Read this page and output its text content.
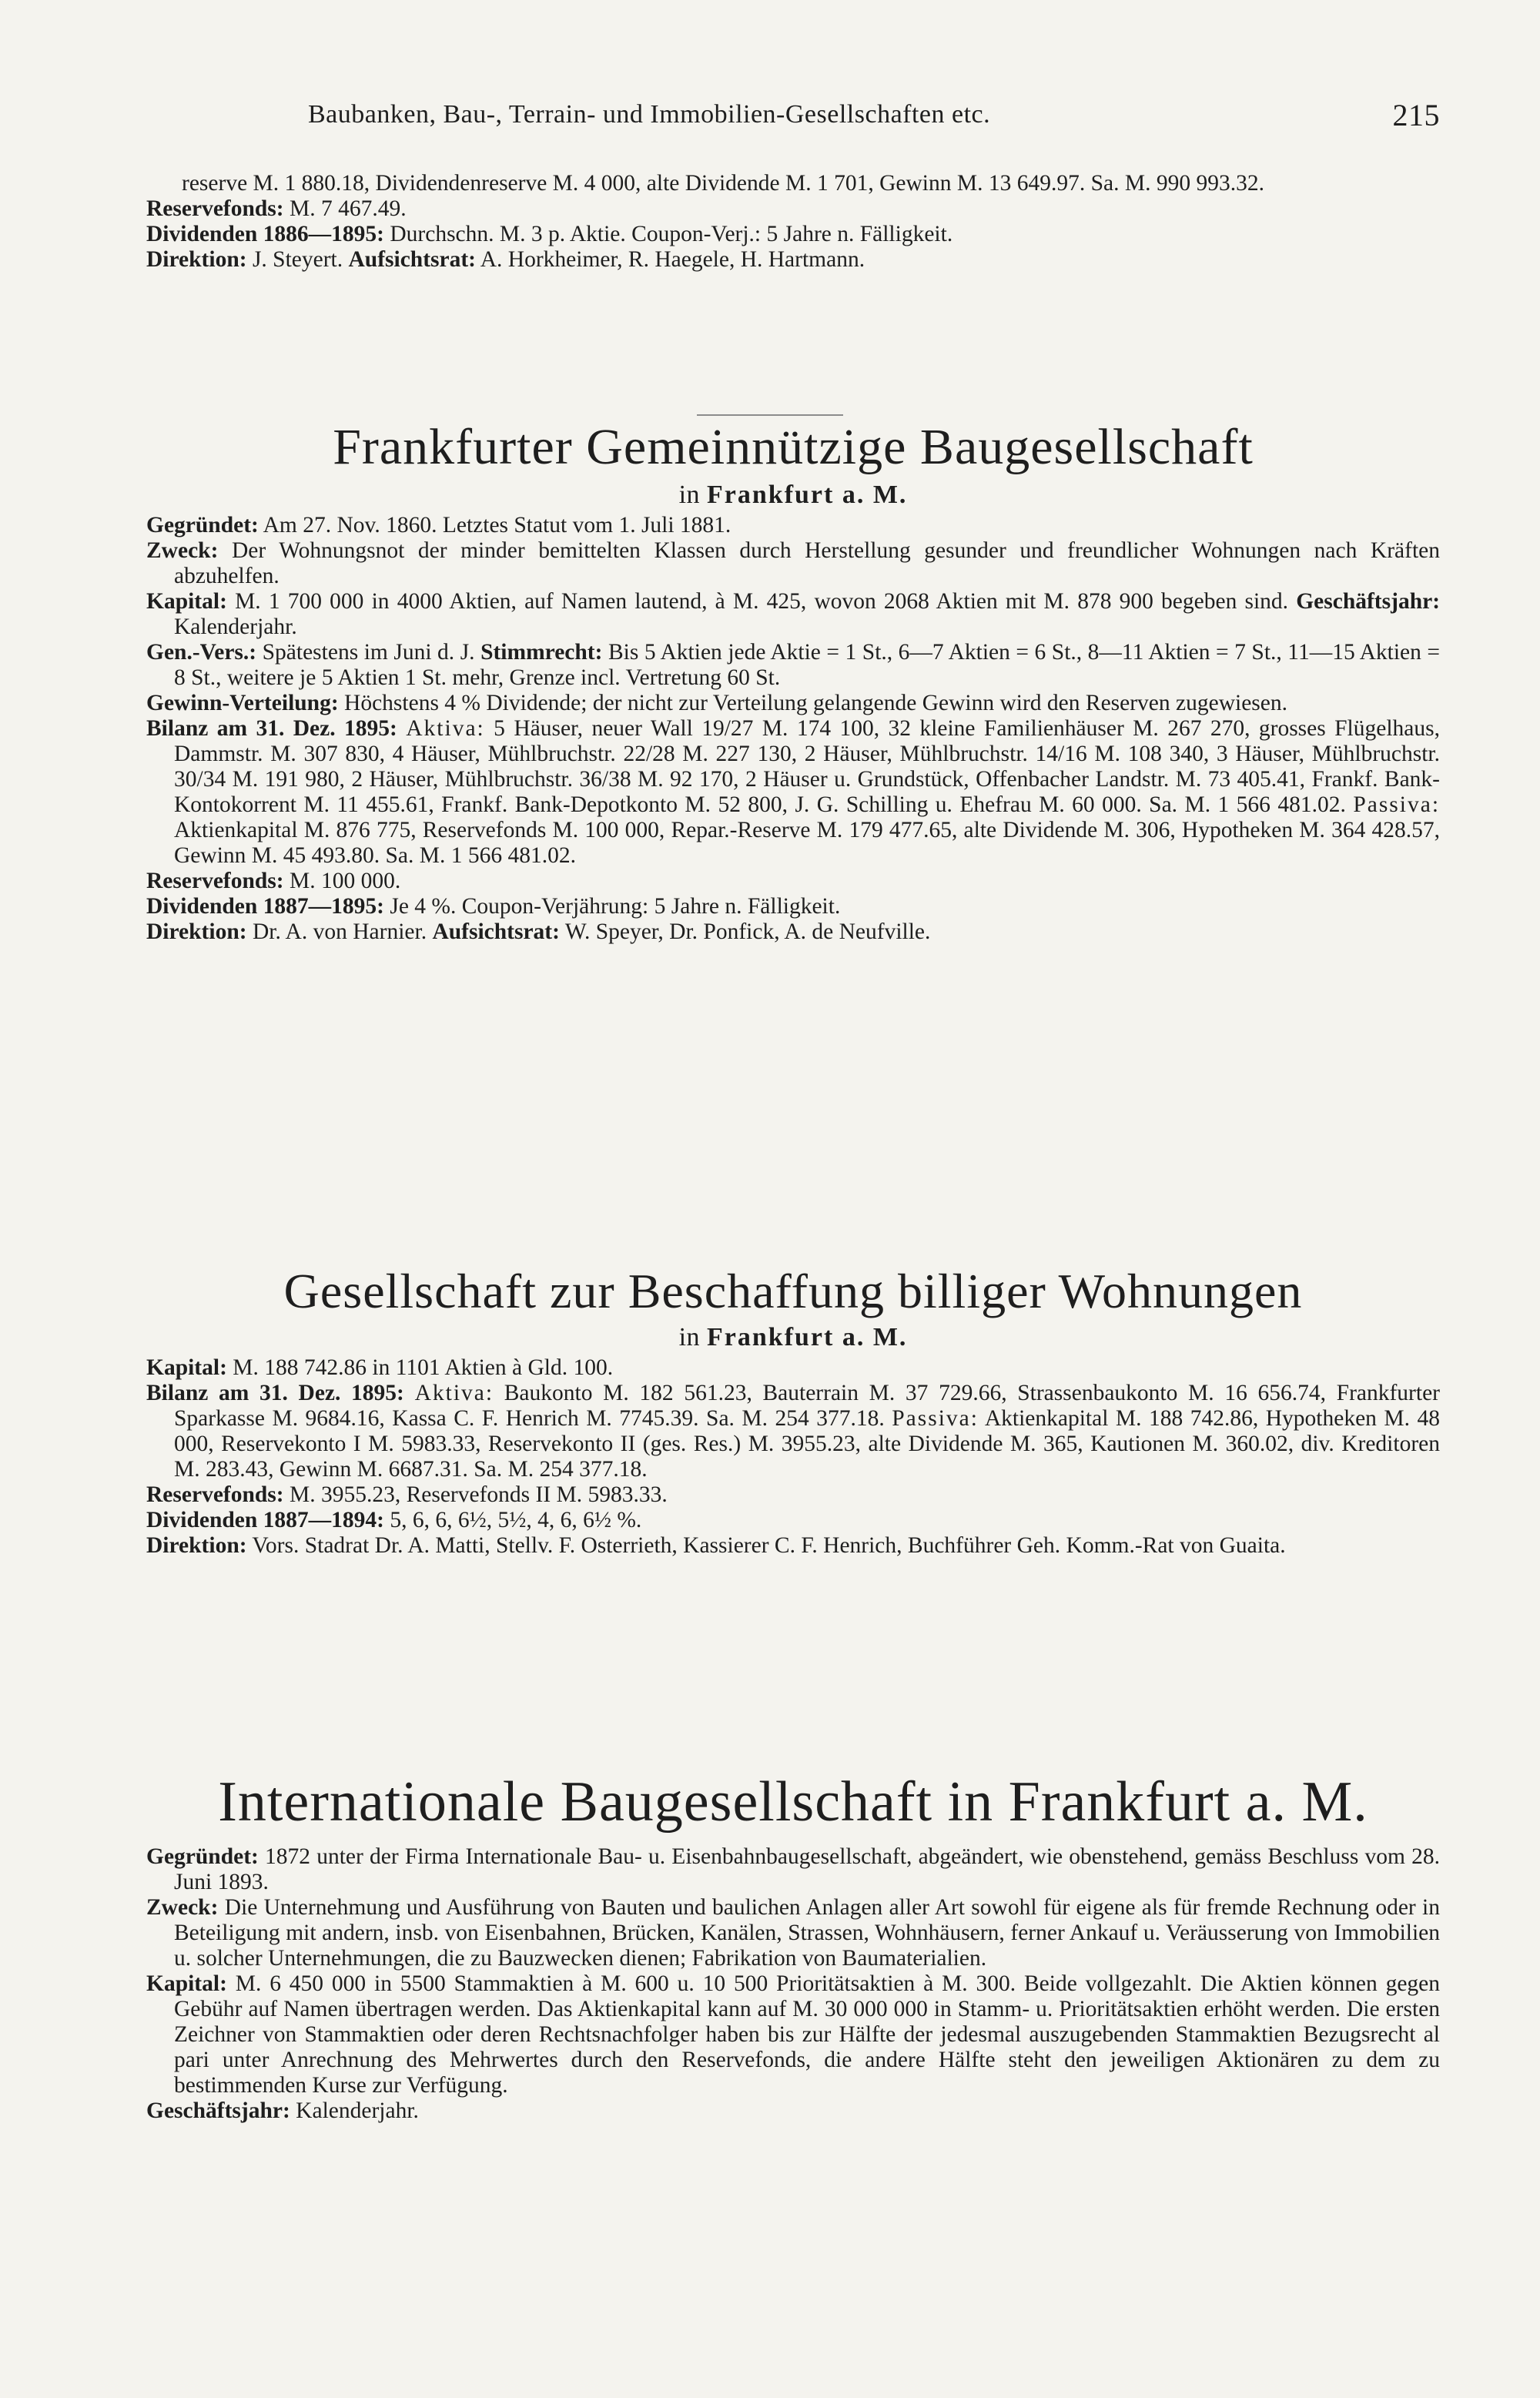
Baubanken, Bau-, Terrain- und Immobilien-Gesellschaften etc.	215

reserve M. 1 880.18, Dividendenreserve M. 4 000, alte Dividende M. 1 701, Gewinn M. 13 649.97. Sa. M. 990 993.32.

Reservefonds: M. 7 467.49.

Dividenden 1886—1895: Durchschn. M. 3 p. Aktie. Coupon-Verj.: 5 Jahre n. Fälligkeit.

Direktion: J. Steyert. Aufsichtsrat: A. Horkheimer, R. Haegele, H. Hartmann.

Frankfurter Gemeinnützige Baugesellschaft
in Frankfurt a. M.

Gegründet: Am 27. Nov. 1860. Letztes Statut vom 1. Juli 1881.

Zweck: Der Wohnungsnot der minder bemittelten Klassen durch Herstellung gesunder und freundlicher Wohnungen nach Kräften abzuhelfen.

Kapital: M. 1 700 000 in 4000 Aktien, auf Namen lautend, à M. 425, wovon 2068 Aktien mit M. 878 900 begeben sind. Geschäftsjahr: Kalenderjahr.

Gen.-Vers.: Spätestens im Juni d. J. Stimmrecht: Bis 5 Aktien jede Aktie = 1 St., 6—7 Aktien = 6 St., 8—11 Aktien = 7 St., 11—15 Aktien = 8 St., weitere je 5 Aktien 1 St. mehr, Grenze incl. Vertretung 60 St.

Gewinn-Verteilung: Höchstens 4 % Dividende; der nicht zur Verteilung gelangende Gewinn wird den Reserven zugewiesen.

Bilanz am 31. Dez. 1895: Aktiva: 5 Häuser, neuer Wall 19/27 M. 174 100, 32 kleine Familienhäuser M. 267 270, grosses Flügelhaus, Dammstr. M. 307 830, 4 Häuser, Mühlbruchstr. 22/28 M. 227 130, 2 Häuser, Mühlbruchstr. 14/16 M. 108 340, 3 Häuser, Mühlbruchstr. 30/34 M. 191 980, 2 Häuser, Mühlbruchstr. 36/38 M. 92 170, 2 Häuser u. Grundstück, Offenbacher Landstr. M. 73 405.41, Frankf. Bank-Kontokorrent M. 11 455.61, Frankf. Bank-Depotkonto M. 52 800, J. G. Schilling u. Ehefrau M. 60 000. Sa. M. 1 566 481.02. Passiva: Aktienkapital M. 876 775, Reservefonds M. 100 000, Repar.-Reserve M. 179 477.65, alte Dividende M. 306, Hypotheken M. 364 428.57, Gewinn M. 45 493.80. Sa. M. 1 566 481.02.

Reservefonds: M. 100 000.

Dividenden 1887—1895: Je 4 %. Coupon-Verjährung: 5 Jahre n. Fälligkeit.

Direktion: Dr. A. von Harnier. Aufsichtsrat: W. Speyer, Dr. Ponfick, A. de Neufville.

Gesellschaft zur Beschaffung billiger Wohnungen
in Frankfurt a. M.

Kapital: M. 188 742.86 in 1101 Aktien à Gld. 100.

Bilanz am 31. Dez. 1895: Aktiva: Baukonto M. 182 561.23, Bauterrain M. 37 729.66, Strassenbaukonto M. 16 656.74, Frankfurter Sparkasse M. 9684.16, Kassa C. F. Henrich M. 7745.39. Sa. M. 254 377.18. Passiva: Aktienkapital M. 188 742.86, Hypotheken M. 48 000, Reservekonto I M. 5983.33, Reservekonto II (ges. Res.) M. 3955.23, alte Dividende M. 365, Kautionen M. 360.02, div. Kreditoren M. 283.43, Gewinn M. 6687.31. Sa. M. 254 377.18.

Reservefonds: M. 3955.23, Reservefonds II M. 5983.33.

Dividenden 1887—1894: 5, 6, 6, 6½, 5½, 4, 6, 6½ %.

Direktion: Vors. Stadrat Dr. A. Matti, Stellv. F. Osterrieth, Kassierer C. F. Henrich, Buchführer Geh. Komm.-Rat von Guaita.

Internationale Baugesellschaft in Frankfurt a. M.

Gegründet: 1872 unter der Firma Internationale Bau- u. Eisenbahnbaugesellschaft, abgeändert, wie obenstehend, gemäss Beschluss vom 28. Juni 1893.

Zweck: Die Unternehmung und Ausführung von Bauten und baulichen Anlagen aller Art sowohl für eigene als für fremde Rechnung oder in Beteiligung mit andern, insb. von Eisenbahnen, Brücken, Kanälen, Strassen, Wohnhäusern, ferner Ankauf u. Veräusserung von Immobilien u. solcher Unternehmungen, die zu Bauzwecken dienen; Fabrikation von Baumaterialien.

Kapital: M. 6 450 000 in 5500 Stammaktien à M. 600 u. 10 500 Prioritätsaktien à M. 300. Beide vollgezahlt. Die Aktien können gegen Gebühr auf Namen übertragen werden. Das Aktienkapital kann auf M. 30 000 000 in Stamm- u. Prioritätsaktien erhöht werden. Die ersten Zeichner von Stammaktien oder deren Rechtsnachfolger haben bis zur Hälfte der jedesmal auszugebenden Stammaktien Bezugsrecht al pari unter Anrechnung des Mehrwertes durch den Reservefonds, die andere Hälfte steht den jeweiligen Aktionären zu dem zu bestimmenden Kurse zur Verfügung.

Geschäftsjahr: Kalenderjahr.
